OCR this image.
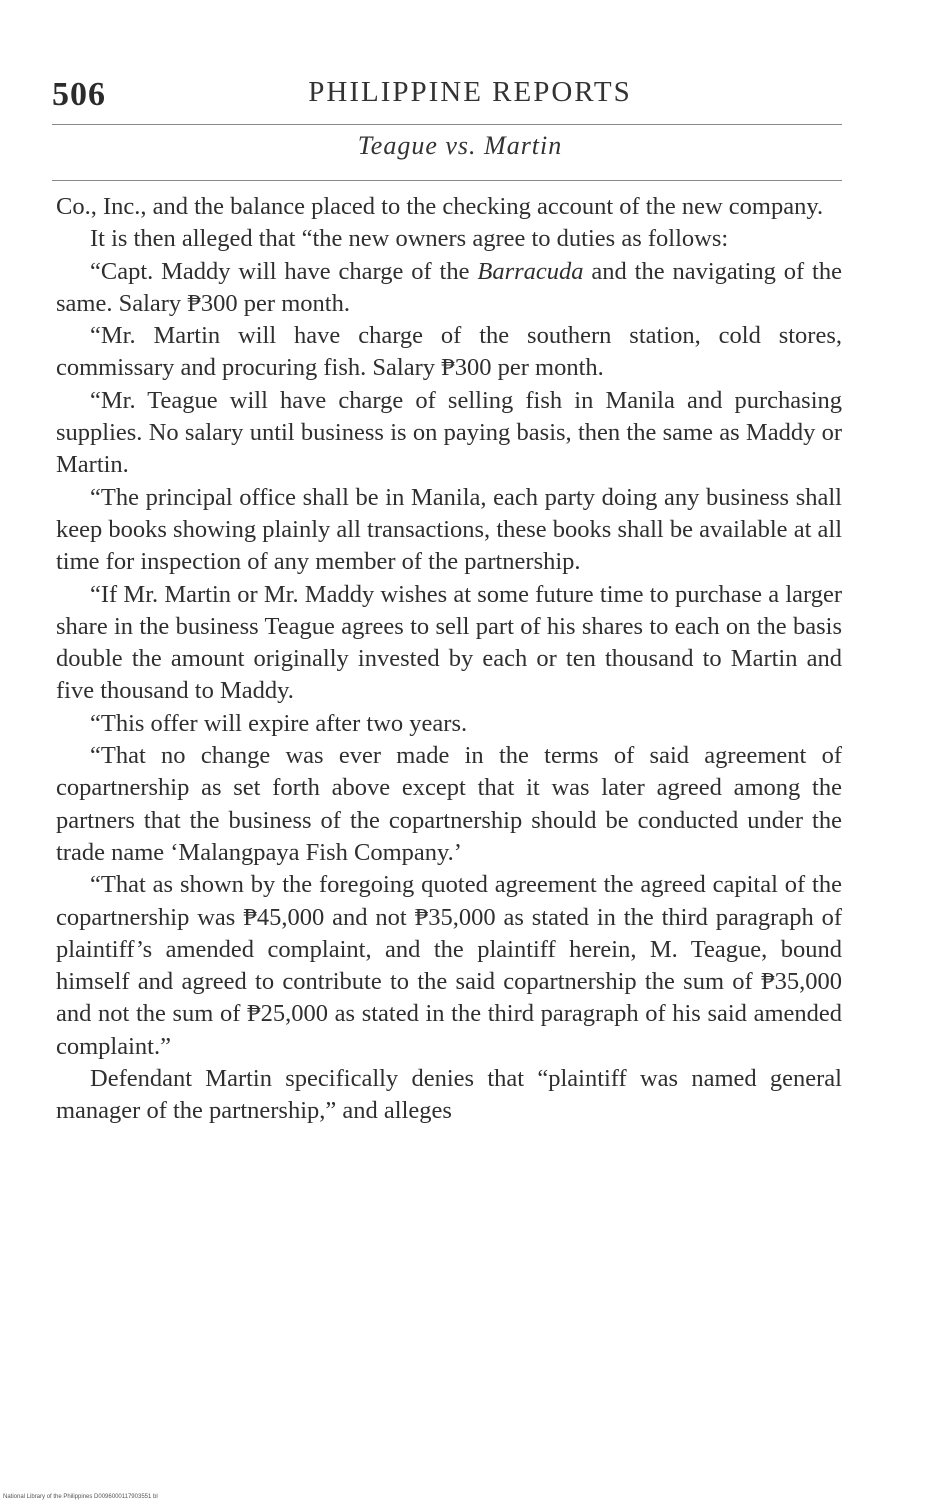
506	PHILIPPINE REPORTS
Teague vs. Martin

Co., Inc., and the balance placed to the checking account of the new company.

It is then alleged that “the new owners agree to duties as follows:

“Capt. Maddy will have charge of the Barracuda and the navigating of the same. Salary ₱300 per month.

“Mr. Martin will have charge of the southern station, cold stores, commissary and procuring fish. Salary ₱300 per month.

“Mr. Teague will have charge of selling fish in Manila and purchasing supplies. No salary until business is on paying basis, then the same as Maddy or Martin.

“The principal office shall be in Manila, each party doing any business shall keep books showing plainly all transactions, these books shall be available at all time for inspection of any member of the partnership.

“If Mr. Martin or Mr. Maddy wishes at some future time to purchase a larger share in the business Teague agrees to sell part of his shares to each on the basis double the amount originally invested by each or ten thousand to Martin and five thousand to Maddy.

“This offer will expire after two years.

“That no change was ever made in the terms of said agreement of copartnership as set forth above except that it was later agreed among the partners that the business of the copartnership should be conducted under the trade name ‘Malangpaya Fish Company.’

“That as shown by the foregoing quoted agreement the agreed capital of the copartnership was ₱45,000 and not ₱35,000 as stated in the third paragraph of plaintiff’s amended complaint, and the plaintiff herein, M. Teague, bound himself and agreed to contribute to the said copartnership the sum of ₱35,000 and not the sum of ₱25,000 as stated in the third paragraph of his said amended complaint.”

Defendant Martin specifically denies that “plaintiff was named general manager of the partnership,” and alleges

National Library of the Philippines D0096000117903551 bl
